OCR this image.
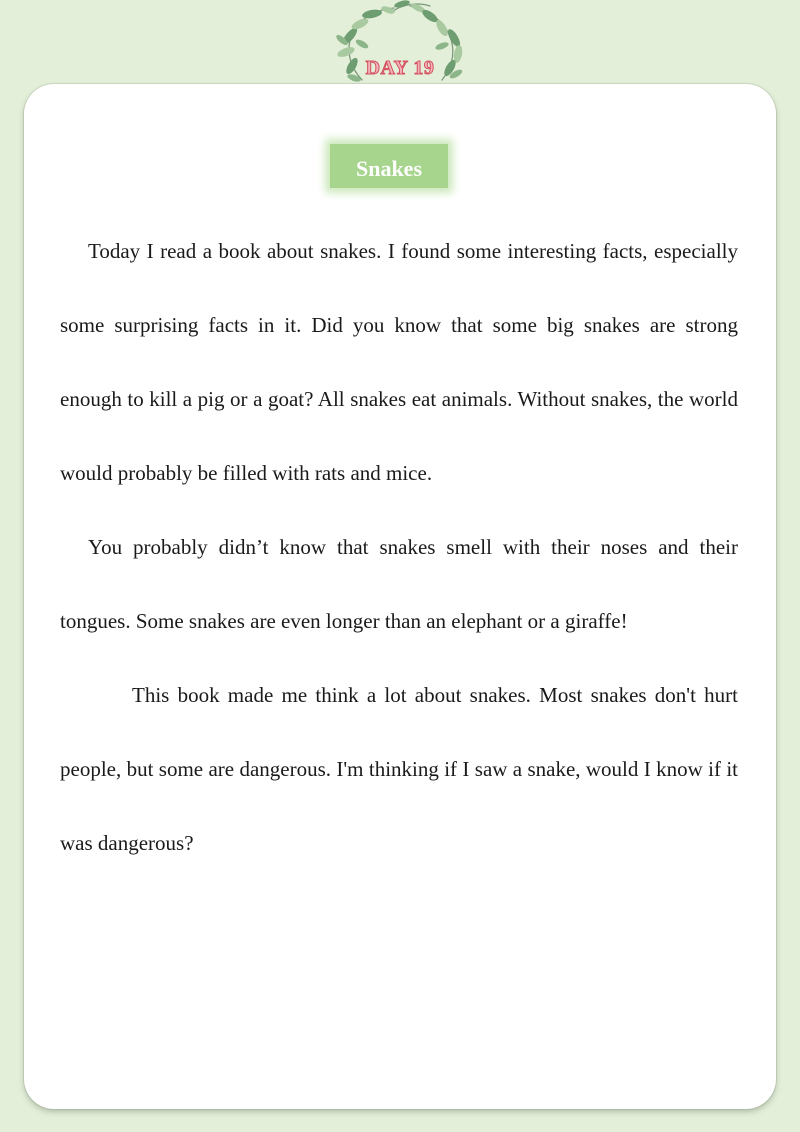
DAY 19
Snakes

Today I read a book about snakes. I found some interesting facts, especially some surprising facts in it. Did you know that some big snakes are strong enough to kill a pig or a goat? All snakes eat animals. Without snakes, the world would probably be filled with rats and mice.

You probably didn’t know that snakes smell with their noses and their tongues. Some snakes are even longer than an elephant or a giraffe!

This book made me think a lot about snakes. Most snakes don't hurt people, but some are dangerous. I'm thinking if I saw a snake, would I know if it was dangerous?
